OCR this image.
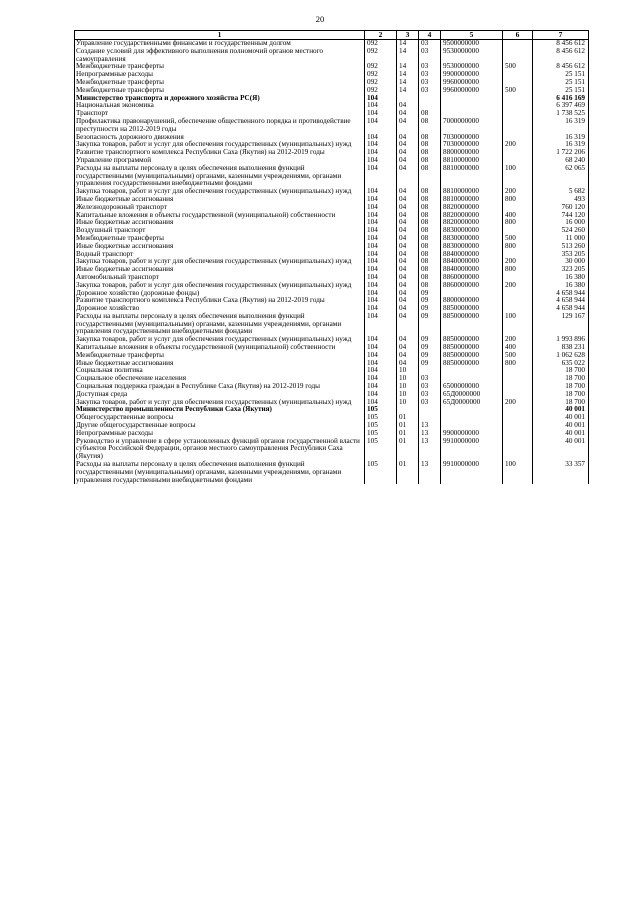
20
1	2	3	4	5	6	7
Управление государственными финансами и государственным долгом	092	14	03	9500000000		8 456 612
Создание условий для эффективного выполнения полномочий органов местного самоуправления	092	14	03	9530000000		8 456 612
Межбюджетные трансферты	092	14	03	9530000000	500	8 456 612
Непрограммные расходы	092	14	03	9900000000		25 151
Межбюджетные трансферты	092	14	03	9960000000		25 151
Межбюджетные трансферты	092	14	03	9960000000	500	25 151
Министерство транспорта и дорожного хозяйства РС(Я)	104					6 416 169
Национальная экономика	104	04				6 397 469
Транспорт	104	04	08			1 738 525
Профилактика правонарушений, обеспечение общественного порядка и противодействие преступности на 2012-2019 годы	104	04	08	7000000000		16 319
Безопасность дорожного движения	104	04	08	7030000000		16 319
Закупка товаров, работ и услуг для обеспечения государственных (муниципальных) нужд	104	04	08	7030000000	200	16 319
Развитие транспортного комплекса Республики Саха (Якутия) на 2012-2019 годы	104	04	08	8800000000		1 722 206
Управление программой	104	04	08	8810000000		68 240
Расходы на выплаты персоналу в целях обеспечения выполнения функций государственными (муниципальными) органами, казенными учреждениями, органами управления государственными внебюджетными фондами	104	04	08	8810000000	100	62 065
Закупка товаров, работ и услуг для обеспечения государственных (муниципальных) нужд	104	04	08	8810000000	200	5 682
Иные бюджетные ассигнования	104	04	08	8810000000	800	493
Железнодорожный транспорт	104	04	08	8820000000		760 120
Капитальные вложения в объекты государственной (муниципальной) собственности	104	04	08	8820000000	400	744 120
Иные бюджетные ассигнования	104	04	08	8820000000	800	16 000
Воздушный транспорт	104	04	08	8830000000		524 260
Межбюджетные трансферты	104	04	08	8830000000	500	11 000
Иные бюджетные ассигнования	104	04	08	8830000000	800	513 260
Водный транспорт	104	04	08	8840000000		353 205
Закупка товаров, работ и услуг для обеспечения государственных (муниципальных) нужд	104	04	08	8840000000	200	30 000
Иные бюджетные ассигнования	104	04	08	8840000000	800	323 205
Автомобильный транспорт	104	04	08	8860000000		16 380
Закупка товаров, работ и услуг для обеспечения государственных (муниципальных) нужд	104	04	08	8860000000	200	16 380
Дорожное хозяйство (дорожные фонды)	104	04	09			4 658 944
Развитие транспортного комплекса Республики Саха (Якутия) на 2012-2019 годы	104	04	09	8800000000		4 658 944
Дорожное хозяйство	104	04	09	8850000000		4 658 944
Расходы на выплаты персоналу в целях обеспечения выполнения функций государственными (муниципальными) органами, казенными учреждениями, органами управления государственными внебюджетными фондами	104	04	09	8850000000	100	129 167
Закупка товаров, работ и услуг для обеспечения государственных (муниципальных) нужд	104	04	09	8850000000	200	1 993 896
Капитальные вложения в объекты государственной (муниципальной) собственности	104	04	09	8850000000	400	838 231
Межбюджетные трансферты	104	04	09	8850000000	500	1 062 628
Иные бюджетные ассигнования	104	04	09	8850000000	800	635 022
Социальная политика	104	10				18 700
Социальное обеспечение населения	104	10	03			18 700
Социальная поддержка граждан в Республике Саха (Якутия) на 2012-2019 годы	104	10	03	6500000000		18 700
Доступная среда	104	10	03	65Д0000000		18 700
Закупка товаров, работ и услуг для обеспечения государственных (муниципальных) нужд	104	10	03	65Д0000000	200	18 700
Министерство промышленности Республики Саха (Якутия)	105					40 001
Общегосударственные вопросы	105	01				40 001
Другие общегосударственные вопросы	105	01	13			40 001
Непрограммные расходы	105	01	13	9900000000		40 001
Руководство и управление в сфере установленных функций органов государственной власти субъектов Российской Федерации, органов местного самоуправления Республики Саха (Якутия)	105	01	13	9910000000		40 001
Расходы на выплаты персоналу в целях обеспечения выполнения функций государственными (муниципальными) органами, казенными учреждениями, органами управления государственными внебюджетными фондами	105	01	13	9910000000	100	33 357
